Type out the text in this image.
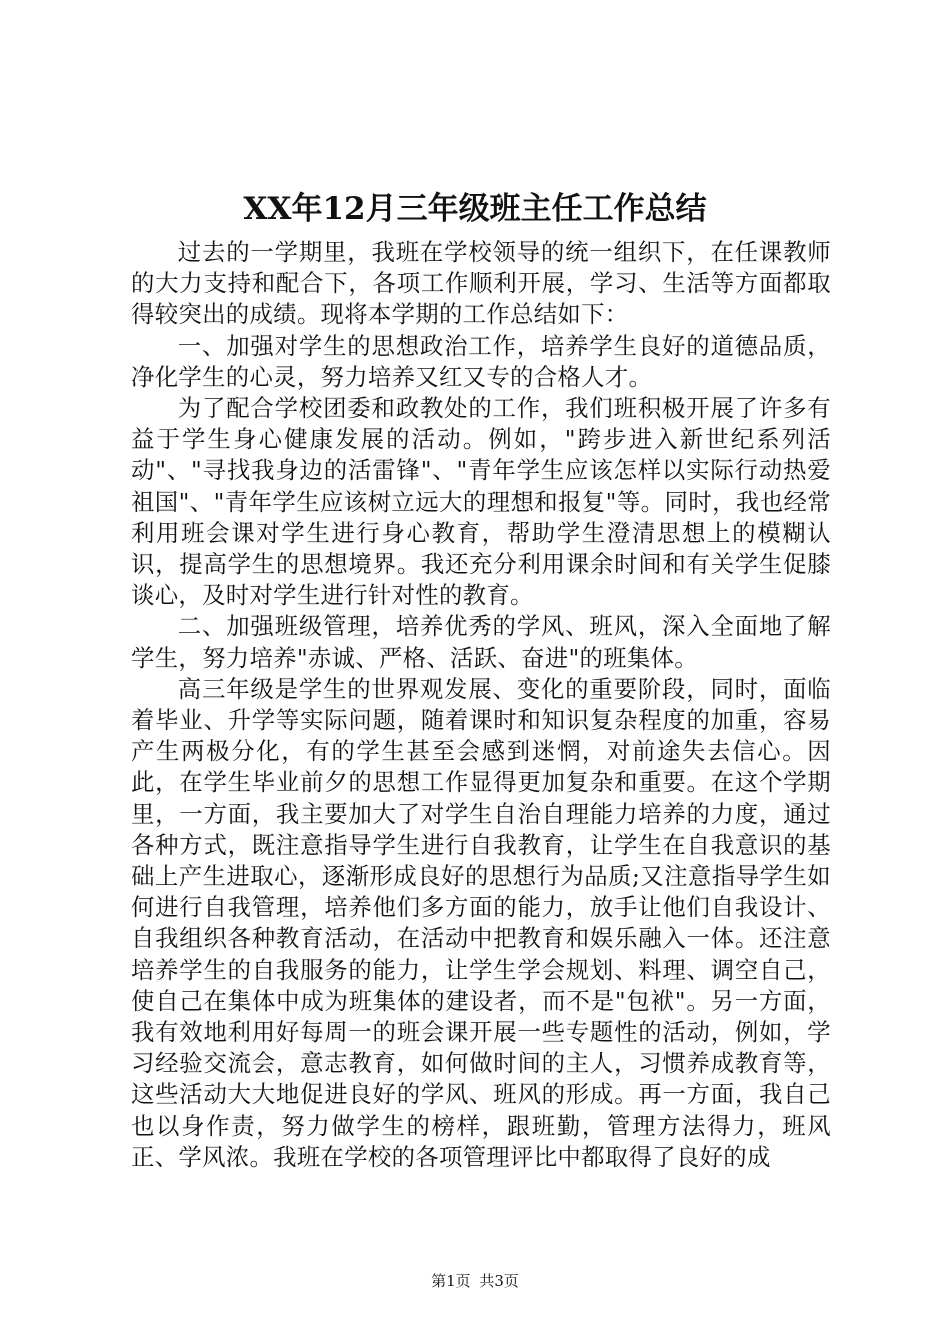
XX年12月三年级班主任工作总结

过去的一学期里，我班在学校领导的统一组织下，在任课教师的大力支持和配合下，各项工作顺利开展，学习、生活等方面都取得较突出的成绩。现将本学期的工作总结如下：

一、加强对学生的思想政治工作，培养学生良好的道德品质，净化学生的心灵，努力培养又红又专的合格人才。

为了配合学校团委和政教处的工作，我们班积极开展了许多有益于学生身心健康发展的活动。例如，"跨步进入新世纪系列活动"、"寻找我身边的活雷锋"、"青年学生应该怎样以实际行动热爱祖国"、"青年学生应该树立远大的理想和报复"等。同时，我也经常利用班会课对学生进行身心教育，帮助学生澄清思想上的模糊认识，提高学生的思想境界。我还充分利用课余时间和有关学生促膝谈心，及时对学生进行针对性的教育。

二、加强班级管理，培养优秀的学风、班风，深入全面地了解学生，努力培养"赤诚、严格、活跃、奋进"的班集体。

高三年级是学生的世界观发展、变化的重要阶段，同时，面临着毕业、升学等实际问题，随着课时和知识复杂程度的加重，容易产生两极分化，有的学生甚至会感到迷惘，对前途失去信心。因此，在学生毕业前夕的思想工作显得更加复杂和重要。在这个学期里，一方面，我主要加大了对学生自治自理能力培养的力度，通过各种方式，既注意指导学生进行自我教育，让学生在自我意识的基础上产生进取心，逐渐形成良好的思想行为品质;又注意指导学生如何进行自我管理，培养他们多方面的能力，放手让他们自我设计、自我组织各种教育活动，在活动中把教育和娱乐融入一体。还注意培养学生的自我服务的能力，让学生学会规划、料理、调空自己，使自己在集体中成为班集体的建设者，而不是"包袱"。另一方面，我有效地利用好每周一的班会课开展一些专题性的活动，例如，学习经验交流会，意志教育，如何做时间的主人，习惯养成教育等，这些活动大大地促进良好的学风、班风的形成。再一方面，我自己也以身作责，努力做学生的榜样，跟班勤，管理方法得力，班风正、学风浓。我班在学校的各项管理评比中都取得了良好的成

第1页 共3页
